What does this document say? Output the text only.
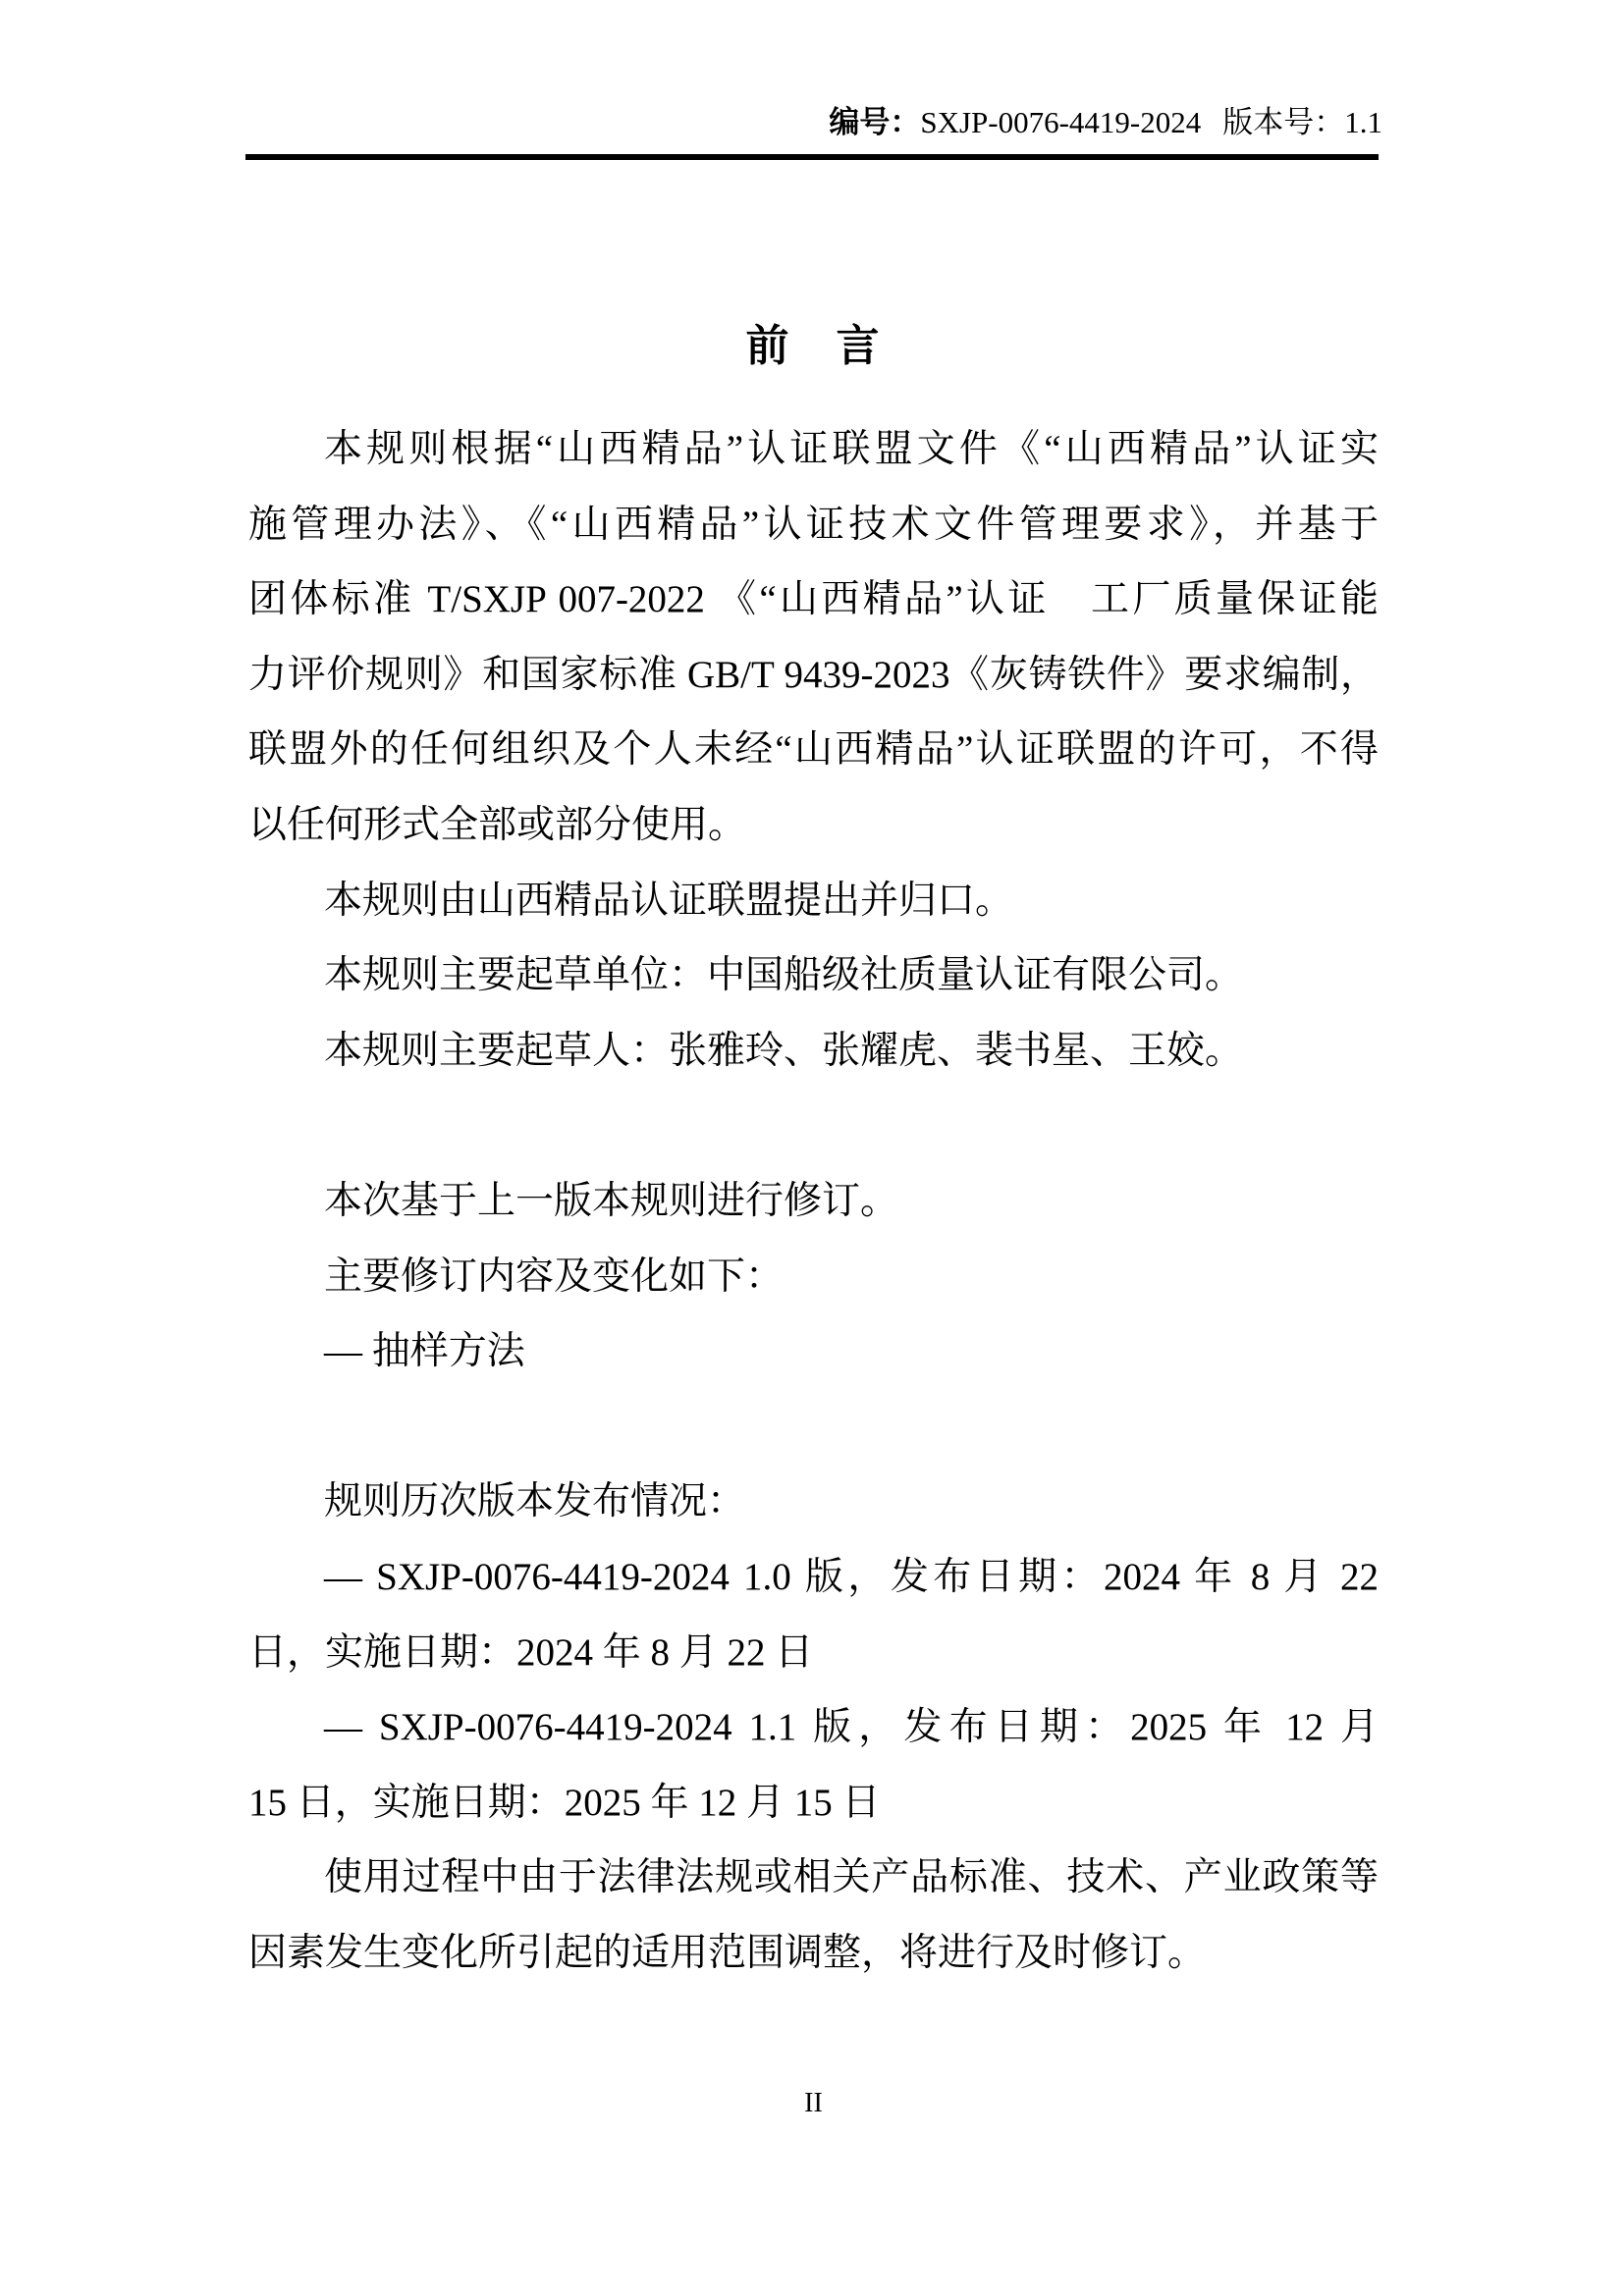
编号：SXJP-0076-4419-2024 版本号：1.1
前　言
本规则根据“山西精品”认证联盟文件《“山西精品”认证实
施管理办法》、《“山西精品”认证技术文件管理要求》，并基于
团体标准 T/SXJP 007-2022 《“山西精品”认证　工厂质量保证能
力评价规则》和国家标准 GB/T 9439-2023《灰铸铁件》要求编制，
联盟外的任何组织及个人未经“山西精品”认证联盟的许可，不得
以任何形式全部或部分使用。
本规则由山西精品认证联盟提出并归口。
本规则主要起草单位：中国船级社质量认证有限公司。
本规则主要起草人：张雅玲、张耀虎、裴书星、王姣。

本次基于上一版本规则进行修订。
主要修订内容及变化如下：
— 抽样方法

规则历次版本发布情况：
— SXJP-0076-4419-2024 1.0 版，发布日期：2024 年 8 月 22
日，实施日期：2024 年 8 月 22 日
— SXJP-0076-4419-2024 1.1 版，发布日期：2025 年 12 月
15 日，实施日期：2025 年 12 月 15 日
使用过程中由于法律法规或相关产品标准、技术、产业政策等
因素发生变化所引起的适用范围调整，将进行及时修订。
II
